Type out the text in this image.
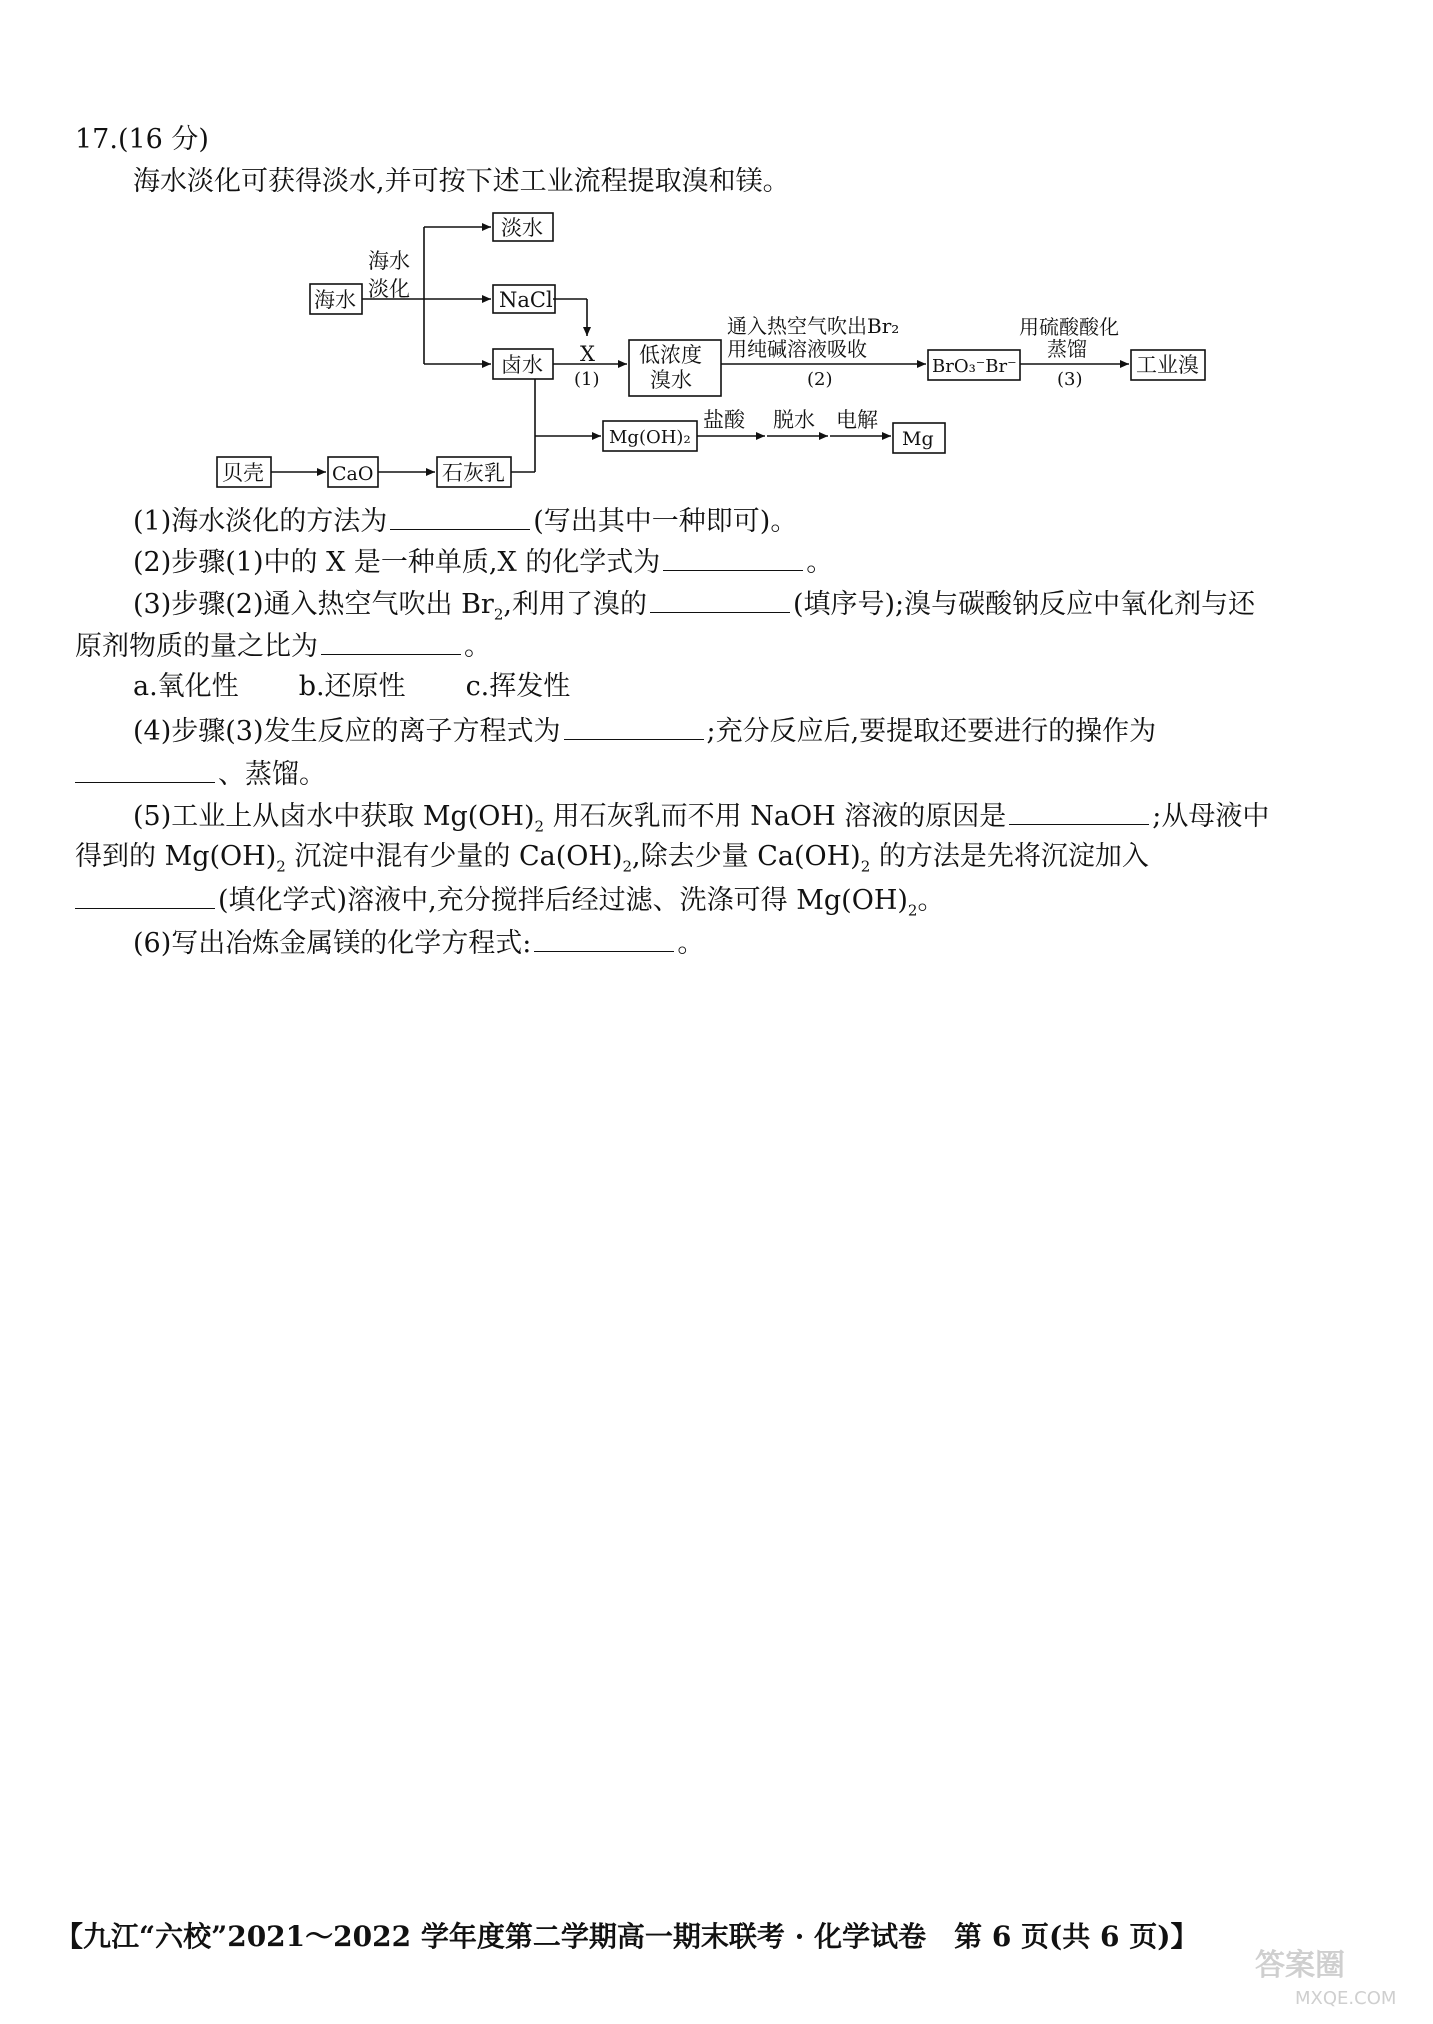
17.(16 分)
海水淡化可获得淡水,并可按下述工业流程提取溴和镁。
海水
海水
淡化
淡水
NaCl
卤水 X
(1)
低浓度
溴水
通入热空气吹出Br₂
用纯碱溶液吸收
(2)
BrO₃⁻Br⁻
用硫酸酸化
蒸馏
(3)
工业溴
Mg(OH)₂
盐酸 脱水 电解
Mg
贝壳	CaO	石灰乳
(1)海水淡化的方法为	(写出其中一种即可)。
(2)步骤(1)中的 X 是一种单质,X 的化学式为	。
(3)步骤(2)通入热空气吹出 $Br_2$,利用了溴的	(填序号);溴与碳酸钠反应中氧化剂与还
原剂物质的量之比为	。
a.氧化性 b.还原性 c.挥发性
(4)步骤(3)发生反应的离子方程式为	;充分反应后,要提取还要进行的操作为
、蒸馏。
(5)工业上从卤水中获取 $Mg(OH)_2$ 用石灰乳而不用 NaOH 溶液的原因是	;从母液中
得到的 $Mg(OH)_2$ 沉淀中混有少量的 $Ca(OH)_2$,除去少量 $Ca(OH)_2$ 的方法是先将沉淀加入
(填化学式)溶液中,充分搅拌后经过滤、洗涤可得 $Mg(OH)_2$。
(6)写出冶炼金属镁的化学方程式:	。
【九江“六校”2021～2022 学年度第二学期高一期末联考 · 化学试卷　第 6 页(共 6 页)】
答案圈
MXQE.COM
